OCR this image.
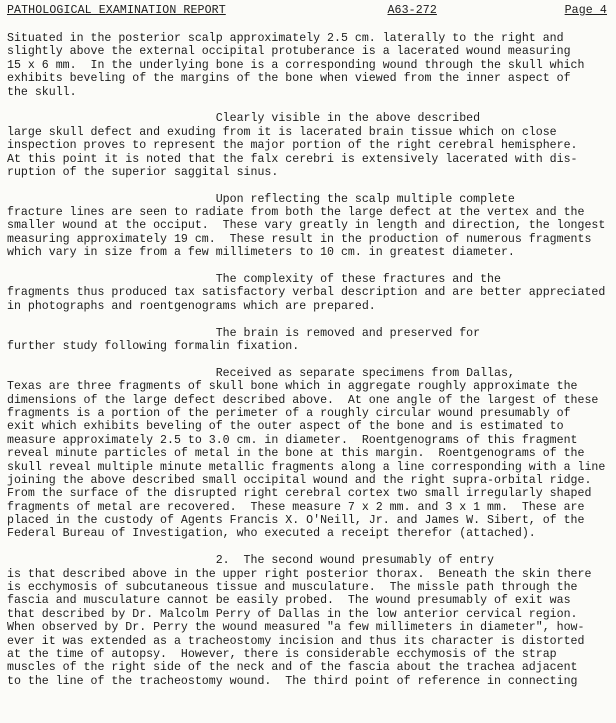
PATHOLOGICAL EXAMINATION REPORT	A63-272	Page 4
Situated in the posterior scalp approximately 2.5 cm. laterally to the right and
slightly above the external occipital protuberance is a lacerated wound measuring
15 x 6 mm.  In the underlying bone is a corresponding wound through the skull which
exhibits beveling of the margins of the bone when viewed from the inner aspect of
the skull.
Clearly visible in the above described
large skull defect and exuding from it is lacerated brain tissue which on close
inspection proves to represent the major portion of the right cerebral hemisphere.
At this point it is noted that the falx cerebri is extensively lacerated with dis-
ruption of the superior saggital sinus.
Upon reflecting the scalp multiple complete
fracture lines are seen to radiate from both the large defect at the vertex and the
smaller wound at the occiput.  These vary greatly in length and direction, the longest
measuring approximately 19 cm.  These result in the production of numerous fragments
which vary in size from a few millimeters to 10 cm. in greatest diameter.
The complexity of these fractures and the
fragments thus produced tax satisfactory verbal description and are better appreciated
in photographs and roentgenograms which are prepared.
The brain is removed and preserved for
further study following formalin fixation.
Received as separate specimens from Dallas,
Texas are three fragments of skull bone which in aggregate roughly approximate the
dimensions of the large defect described above.  At one angle of the largest of these
fragments is a portion of the perimeter of a roughly circular wound presumably of
exit which exhibits beveling of the outer aspect of the bone and is estimated to
measure approximately 2.5 to 3.0 cm. in diameter.  Roentgenograms of this fragment
reveal minute particles of metal in the bone at this margin.  Roentgenograms of the
skull reveal multiple minute metallic fragments along a line corresponding with a line
joining the above described small occipital wound and the right supra-orbital ridge.
From the surface of the disrupted right cerebral cortex two small irregularly shaped
fragments of metal are recovered.  These measure 7 x 2 mm. and 3 x 1 mm.  These are
placed in the custody of Agents Francis X. O'Neill, Jr. and James W. Sibert, of the
Federal Bureau of Investigation, who executed a receipt therefor (attached).
2.  The second wound presumably of entry
is that described above in the upper right posterior thorax.  Beneath the skin there
is ecchymosis of subcutaneous tissue and musculature.  The missle path through the
fascia and musculature cannot be easily probed.  The wound presumably of exit was
that described by Dr. Malcolm Perry of Dallas in the low anterior cervical region.
When observed by Dr. Perry the wound measured "a few millimeters in diameter", how-
ever it was extended as a tracheostomy incision and thus its character is distorted
at the time of autopsy.  However, there is considerable ecchymosis of the strap
muscles of the right side of the neck and of the fascia about the trachea adjacent
to the line of the tracheostomy wound.  The third point of reference in connecting
